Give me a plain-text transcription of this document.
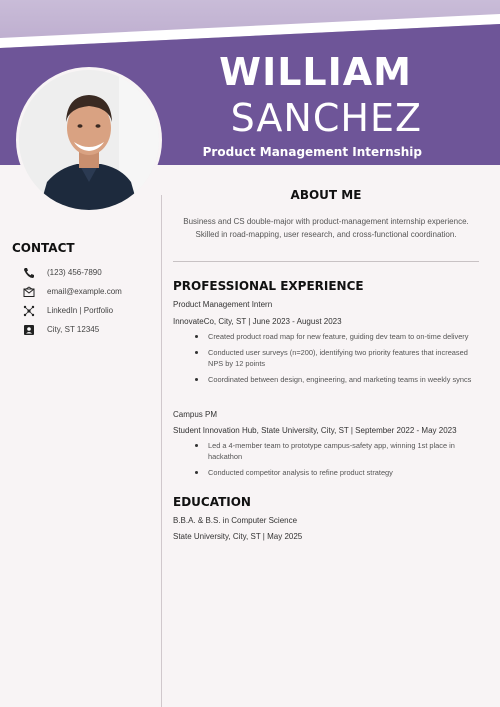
WILLIAM
SANCHEZ
Product Management Internship
CONTACT
(123) 456-7890
email@example.com
LinkedIn | Portfolio
City, ST 12345
ABOUT ME
Business and CS double-major with product-management internship experience. Skilled in road-mapping, user research, and cross-functional coordination.
PROFESSIONAL EXPERIENCE
Product Management Intern
InnovateCo, City, ST | June 2023 - August 2023
Created product road map for new feature, guiding dev team to on-time delivery
Conducted user surveys (n=200), identifying two priority features that increased NPS by 12 points
Coordinated between design, engineering, and marketing teams in weekly syncs
Campus PM
Student Innovation Hub, State University, City, ST | September 2022 - May 2023
Led a 4-member team to prototype campus-safety app, winning 1st place in hackathon
Conducted competitor analysis to refine product strategy
EDUCATION
B.B.A. & B.S. in Computer Science
State University, City, ST | May 2025
